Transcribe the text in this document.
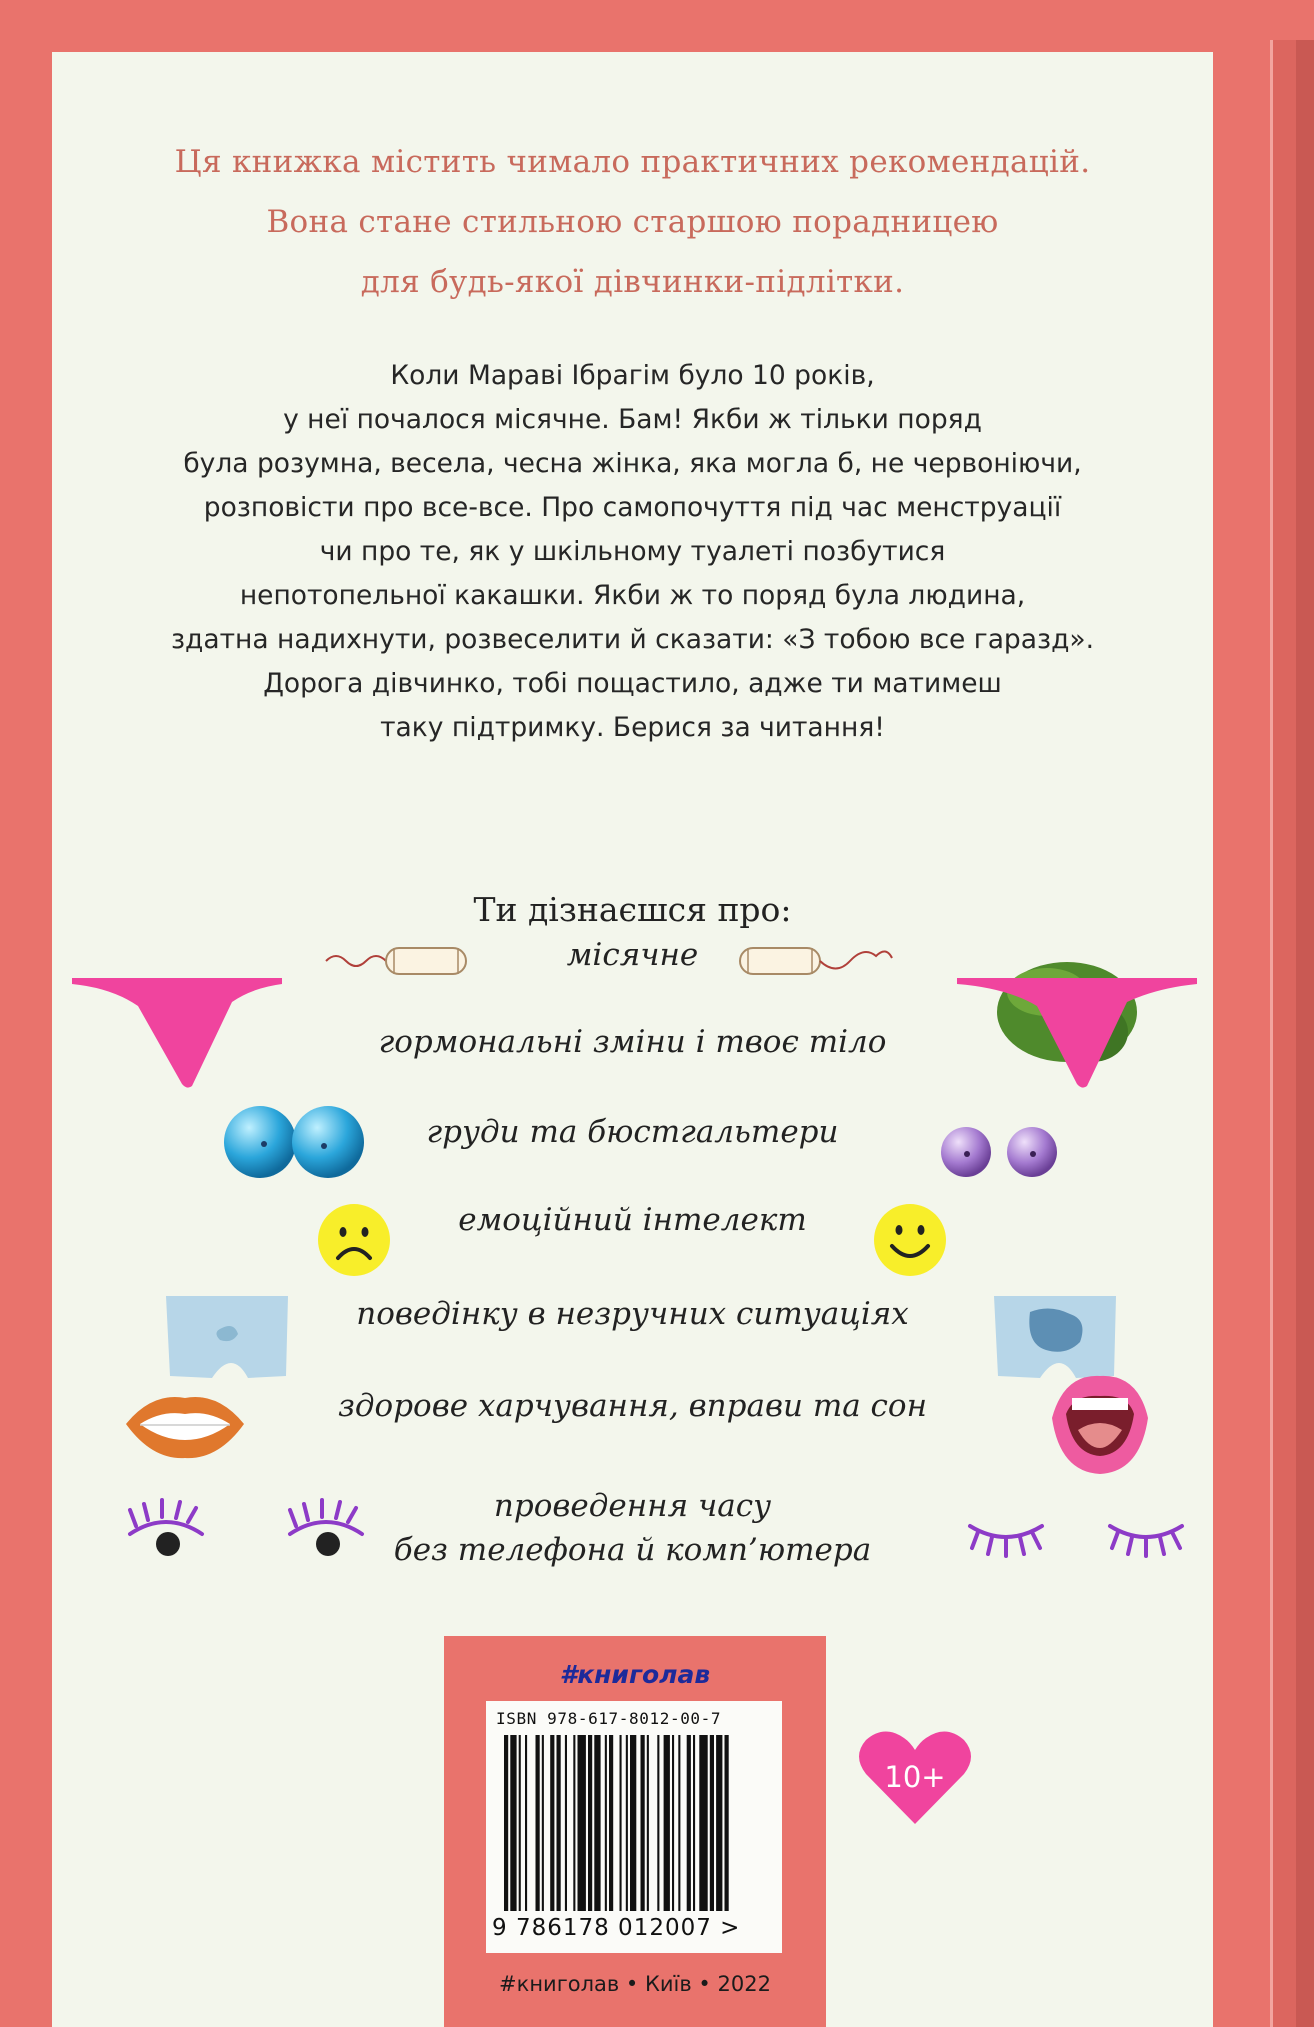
Ця книжка містить чимало практичних рекомендацій.
Вона стане стильною старшою порадницею
для будь-якої дівчинки-підлітки.
Коли Мараві Ібрагім було 10 років,
у неї почалося місячне. Бам! Якби ж тільки поряд
була розумна, весела, чесна жінка, яка могла б, не червоніючи,
розповісти про все-все. Про самопочуття під час менструації
чи про те, як у шкільному туалеті позбутися
непотопельної какашки. Якби ж то поряд була людина,
здатна надихнути, розвеселити й сказати: «З тобою все гаразд».
Дорога дівчинко, тобі пощастило, адже ти матимеш
таку підтримку. Берися за читання!
Ти дізнаєшся про:
місячне
гормональні зміни і твоє тіло
груди та бюстгальтери
емоційний інтелект
поведінку в незручних ситуаціях
здорове харчування, вправи та сон
проведення часу
без телефона й комп’ютера
#книголав
ISBN 978-617-8012-00-7
9 786178 012007 >
#книголав • Київ • 2022
10+
